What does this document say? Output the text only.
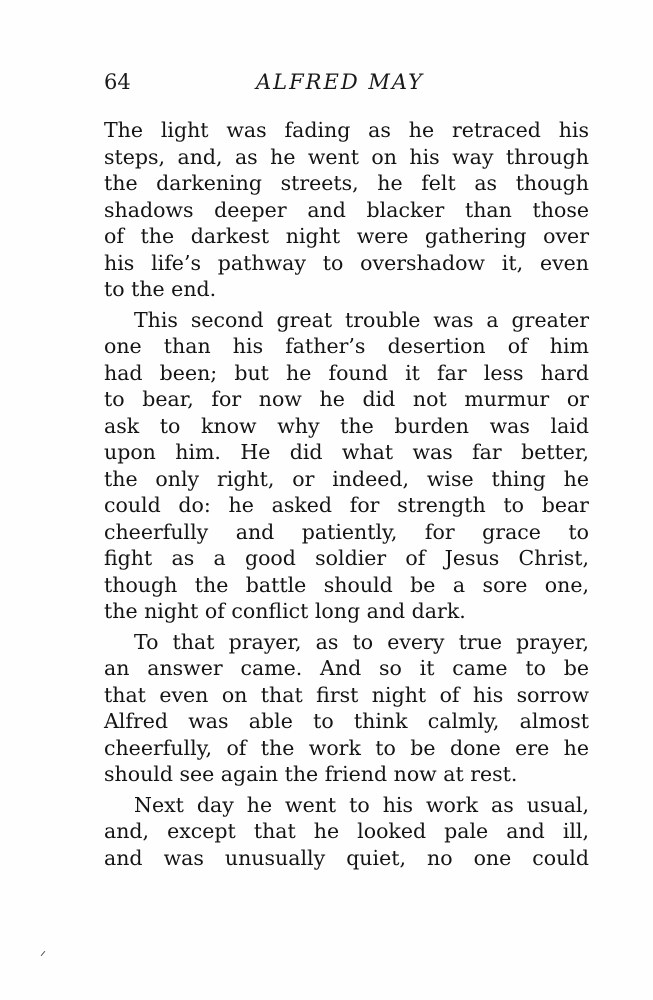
64	ALFRED MAY
The light was fading as he retraced his
steps, and, as he went on his way through
the darkening streets, he felt as though
shadows deeper and blacker than those
of the darkest night were gathering over
his life’s pathway to overshadow it, even
to the end.
This second great trouble was a greater
one than his father’s desertion of him
had been; but he found it far less hard
to bear, for now he did not murmur or
ask to know why the burden was laid
upon him. He did what was far better,
the only right, or indeed, wise thing he
could do: he asked for strength to bear
cheerfully and patiently, for grace to
fight as a good soldier of Jesus Christ,
though the battle should be a sore one,
the night of conflict long and dark.
To that prayer, as to every true prayer,
an answer came. And so it came to be
that even on that first night of his sorrow
Alfred was able to think calmly, almost
cheerfully, of the work to be done ere he
should see again the friend now at rest.
Next day he went to his work as usual,
and, except that he looked pale and ill,
and was unusually quiet, no one could
